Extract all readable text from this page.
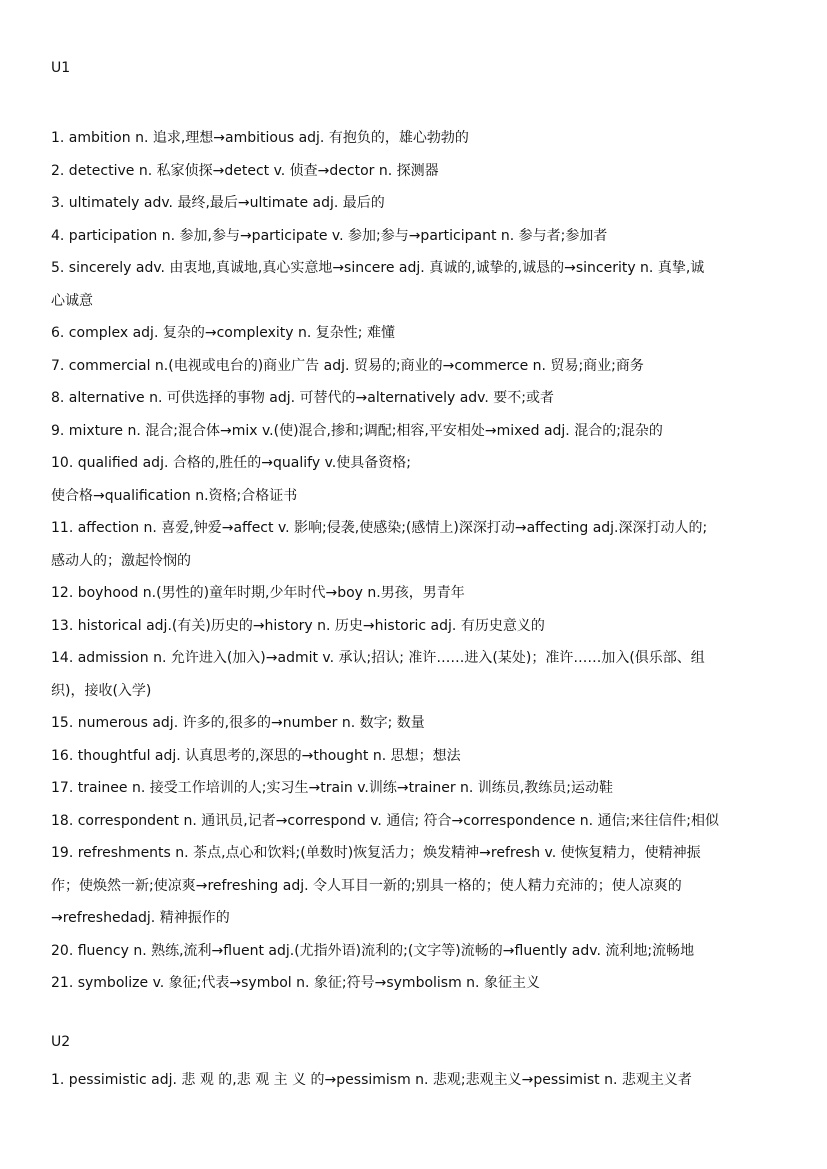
U1
1. ambition n. 追求,理想→ambitious adj. 有抱负的，雄心勃勃的
2. detective n. 私家侦探→detect v. 侦查→dector n. 探测器
3. ultimately adv. 最终,最后→ultimate adj. 最后的
4. participation n. 参加,参与→participate v. 参加;参与→participant n. 参与者;参加者
5. sincerely adv. 由衷地,真诚地,真心实意地→sincere adj. 真诚的,诚挚的,诚恳的→sincerity n. 真挚,诚
心诚意
6. complex adj. 复杂的→complexity n. 复杂性; 难懂
7. commercial n.(电视或电台的)商业广告 adj. 贸易的;商业的→commerce n. 贸易;商业;商务
8. alternative n. 可供选择的事物 adj. 可替代的→alternatively adv. 要不;或者
9. mixture n. 混合;混合体→mix v.(使)混合,掺和;调配;相容,平安相处→mixed adj. 混合的;混杂的
10. qualified adj. 合格的,胜任的→qualify v.使具备资格;
使合格→qualification n.资格;合格证书
11. affection n. 喜爱,钟爱→affect v. 影响;侵袭,使感染;(感情上)深深打动→affecting adj.深深打动人的;
感动人的；激起怜悯的
12. boyhood n.(男性的)童年时期,少年时代→boy n.男孩，男青年
13. historical adj.(有关)历史的→history n. 历史→historic adj. 有历史意义的
14. admission n. 允许进入(加入)→admit v. 承认;招认; 准许……进入(某处)；准许……加入(俱乐部、组
织)，接收(入学)
15. numerous adj. 许多的,很多的→number n. 数字; 数量
16. thoughtful adj. 认真思考的,深思的→thought n. 思想；想法
17. trainee n. 接受工作培训的人;实习生→train v.训练→trainer n. 训练员,教练员;运动鞋
18. correspondent n. 通讯员,记者→correspond v. 通信; 符合→correspondence n. 通信;来往信件;相似
19. refreshments n. 茶点,点心和饮料;(单数时)恢复活力；焕发精神→refresh v. 使恢复精力，使精神振
作；使焕然一新;使凉爽→refreshing adj. 令人耳目一新的;别具一格的；使人精力充沛的；使人凉爽的
→refreshedadj. 精神振作的
20. fluency n. 熟练,流利→fluent adj.(尤指外语)流利的;(文字等)流畅的→fluently adv. 流利地;流畅地
21. symbolize v. 象征;代表→symbol n. 象征;符号→symbolism n. 象征主义
U2
1. pessimistic adj. 悲 观 的,悲 观 主 义 的→pessimism n. 悲观;悲观主义→pessimist n. 悲观主义者
